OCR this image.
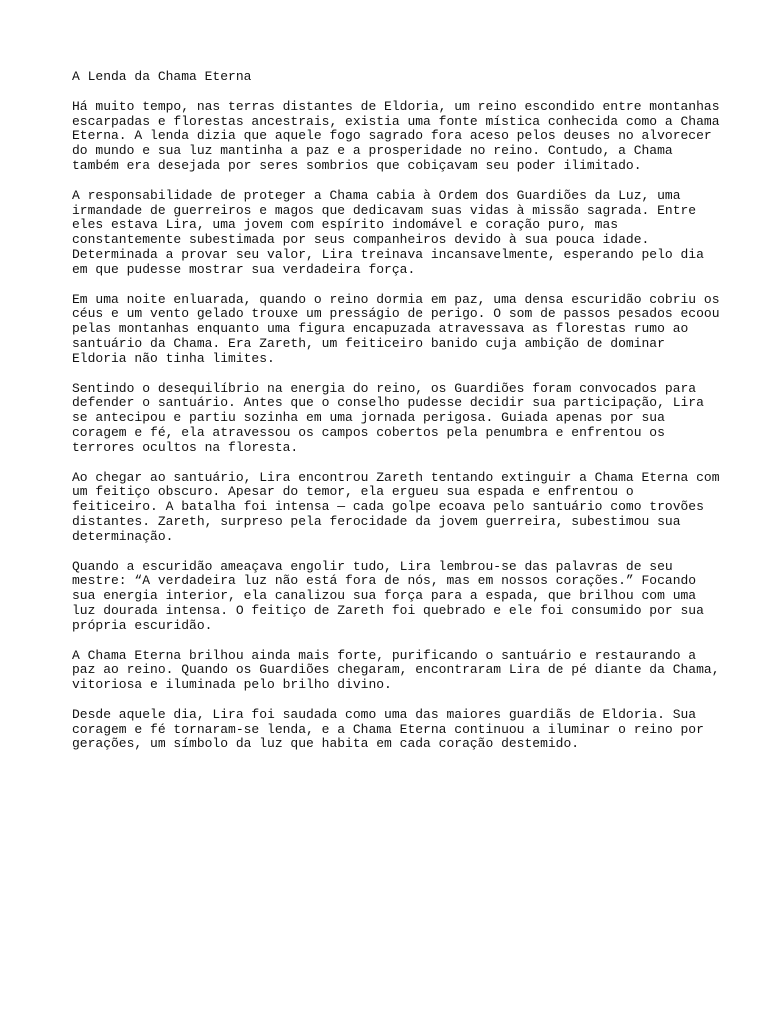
A Lenda da Chama Eterna
Há muito tempo, nas terras distantes de Eldoria, um reino escondido entre montanhas
escarpadas e florestas ancestrais, existia uma fonte mística conhecida como a Chama
Eterna. A lenda dizia que aquele fogo sagrado fora aceso pelos deuses no alvorecer
do mundo e sua luz mantinha a paz e a prosperidade no reino. Contudo, a Chama
também era desejada por seres sombrios que cobiçavam seu poder ilimitado.
A responsabilidade de proteger a Chama cabia à Ordem dos Guardiões da Luz, uma
irmandade de guerreiros e magos que dedicavam suas vidas à missão sagrada. Entre
eles estava Lira, uma jovem com espírito indomável e coração puro, mas
constantemente subestimada por seus companheiros devido à sua pouca idade.
Determinada a provar seu valor, Lira treinava incansavelmente, esperando pelo dia
em que pudesse mostrar sua verdadeira força.
Em uma noite enluarada, quando o reino dormia em paz, uma densa escuridão cobriu os
céus e um vento gelado trouxe um presságio de perigo. O som de passos pesados ecoou
pelas montanhas enquanto uma figura encapuzada atravessava as florestas rumo ao
santuário da Chama. Era Zareth, um feiticeiro banido cuja ambição de dominar
Eldoria não tinha limites.
Sentindo o desequilíbrio na energia do reino, os Guardiões foram convocados para
defender o santuário. Antes que o conselho pudesse decidir sua participação, Lira
se antecipou e partiu sozinha em uma jornada perigosa. Guiada apenas por sua
coragem e fé, ela atravessou os campos cobertos pela penumbra e enfrentou os
terrores ocultos na floresta.
Ao chegar ao santuário, Lira encontrou Zareth tentando extinguir a Chama Eterna com
um feitiço obscuro. Apesar do temor, ela ergueu sua espada e enfrentou o
feiticeiro. A batalha foi intensa — cada golpe ecoava pelo santuário como trovões
distantes. Zareth, surpreso pela ferocidade da jovem guerreira, subestimou sua
determinação.
Quando a escuridão ameaçava engolir tudo, Lira lembrou-se das palavras de seu
mestre: “A verdadeira luz não está fora de nós, mas em nossos corações.” Focando
sua energia interior, ela canalizou sua força para a espada, que brilhou com uma
luz dourada intensa. O feitiço de Zareth foi quebrado e ele foi consumido por sua
própria escuridão.
A Chama Eterna brilhou ainda mais forte, purificando o santuário e restaurando a
paz ao reino. Quando os Guardiões chegaram, encontraram Lira de pé diante da Chama,
vitoriosa e iluminada pelo brilho divino.
Desde aquele dia, Lira foi saudada como uma das maiores guardiãs de Eldoria. Sua
coragem e fé tornaram-se lenda, e a Chama Eterna continuou a iluminar o reino por
gerações, um símbolo da luz que habita em cada coração destemido.
